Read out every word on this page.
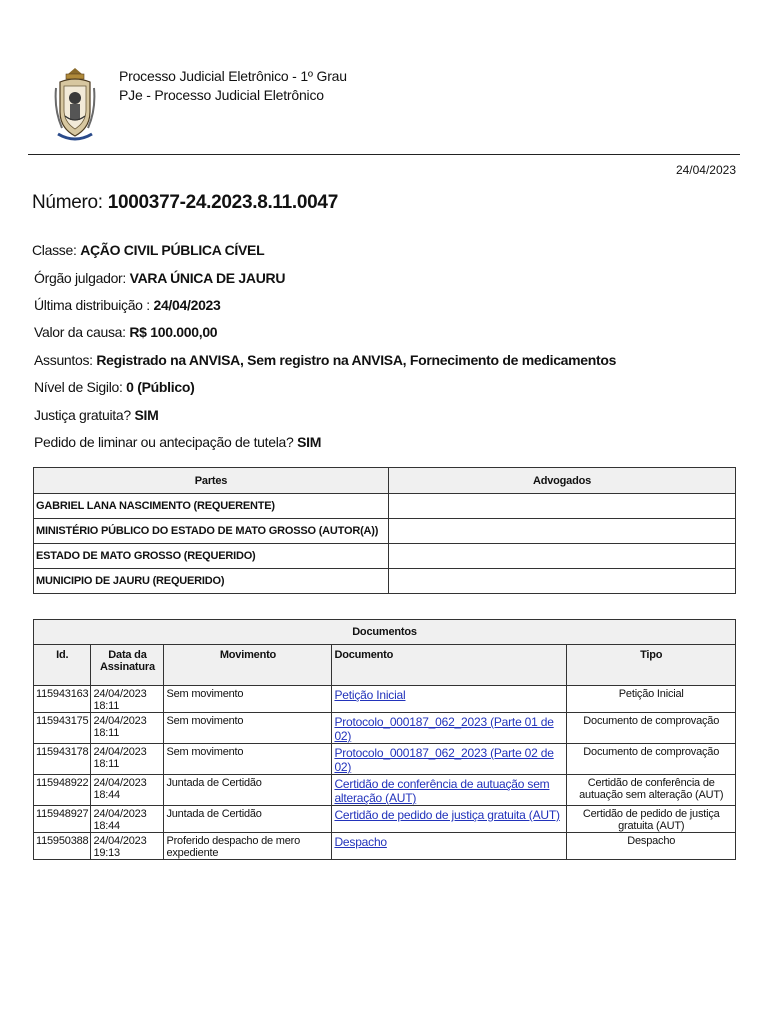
Processo Judicial Eletrônico - 1º Grau
PJe - Processo Judicial Eletrônico
24/04/2023
Número: 1000377-24.2023.8.11.0047
Classe: AÇÃO CIVIL PÚBLICA CÍVEL
Órgão julgador: VARA ÚNICA DE JAURU
Última distribuição : 24/04/2023
Valor da causa: R$ 100.000,00
Assuntos: Registrado na ANVISA, Sem registro na ANVISA, Fornecimento de medicamentos
Nível de Sigilo: 0 (Público)
Justiça gratuita? SIM
Pedido de liminar ou antecipação de tutela? SIM
Partes	Advogados
GABRIEL LANA NASCIMENTO (REQUERENTE)	
MINISTÉRIO PÚBLICO DO ESTADO DE MATO GROSSO (AUTOR(A))	
ESTADO DE MATO GROSSO (REQUERIDO)	
MUNICIPIO DE JAURU (REQUERIDO)	
Documentos				
Id.	Data da Assinatura	Movimento	Documento	Tipo
115943163	24/04/2023 18:11	Sem movimento	Petição Inicial	Petição Inicial
115943175	24/04/2023 18:11	Sem movimento	Protocolo_000187_062_2023 (Parte 01 de 02)	Documento de comprovação
115943178	24/04/2023 18:11	Sem movimento	Protocolo_000187_062_2023 (Parte 02 de 02)	Documento de comprovação
115948922	24/04/2023 18:44	Juntada de Certidão	Certidão de conferência de autuação sem alteração (AUT)	Certidão de conferência de autuação sem alteração (AUT)
115948927	24/04/2023 18:44	Juntada de Certidão	Certidão de pedido de justiça gratuita (AUT)	Certidão de pedido de justiça gratuita (AUT)
115950388	24/04/2023 19:13	Proferido despacho de mero expediente	Despacho	Despacho
